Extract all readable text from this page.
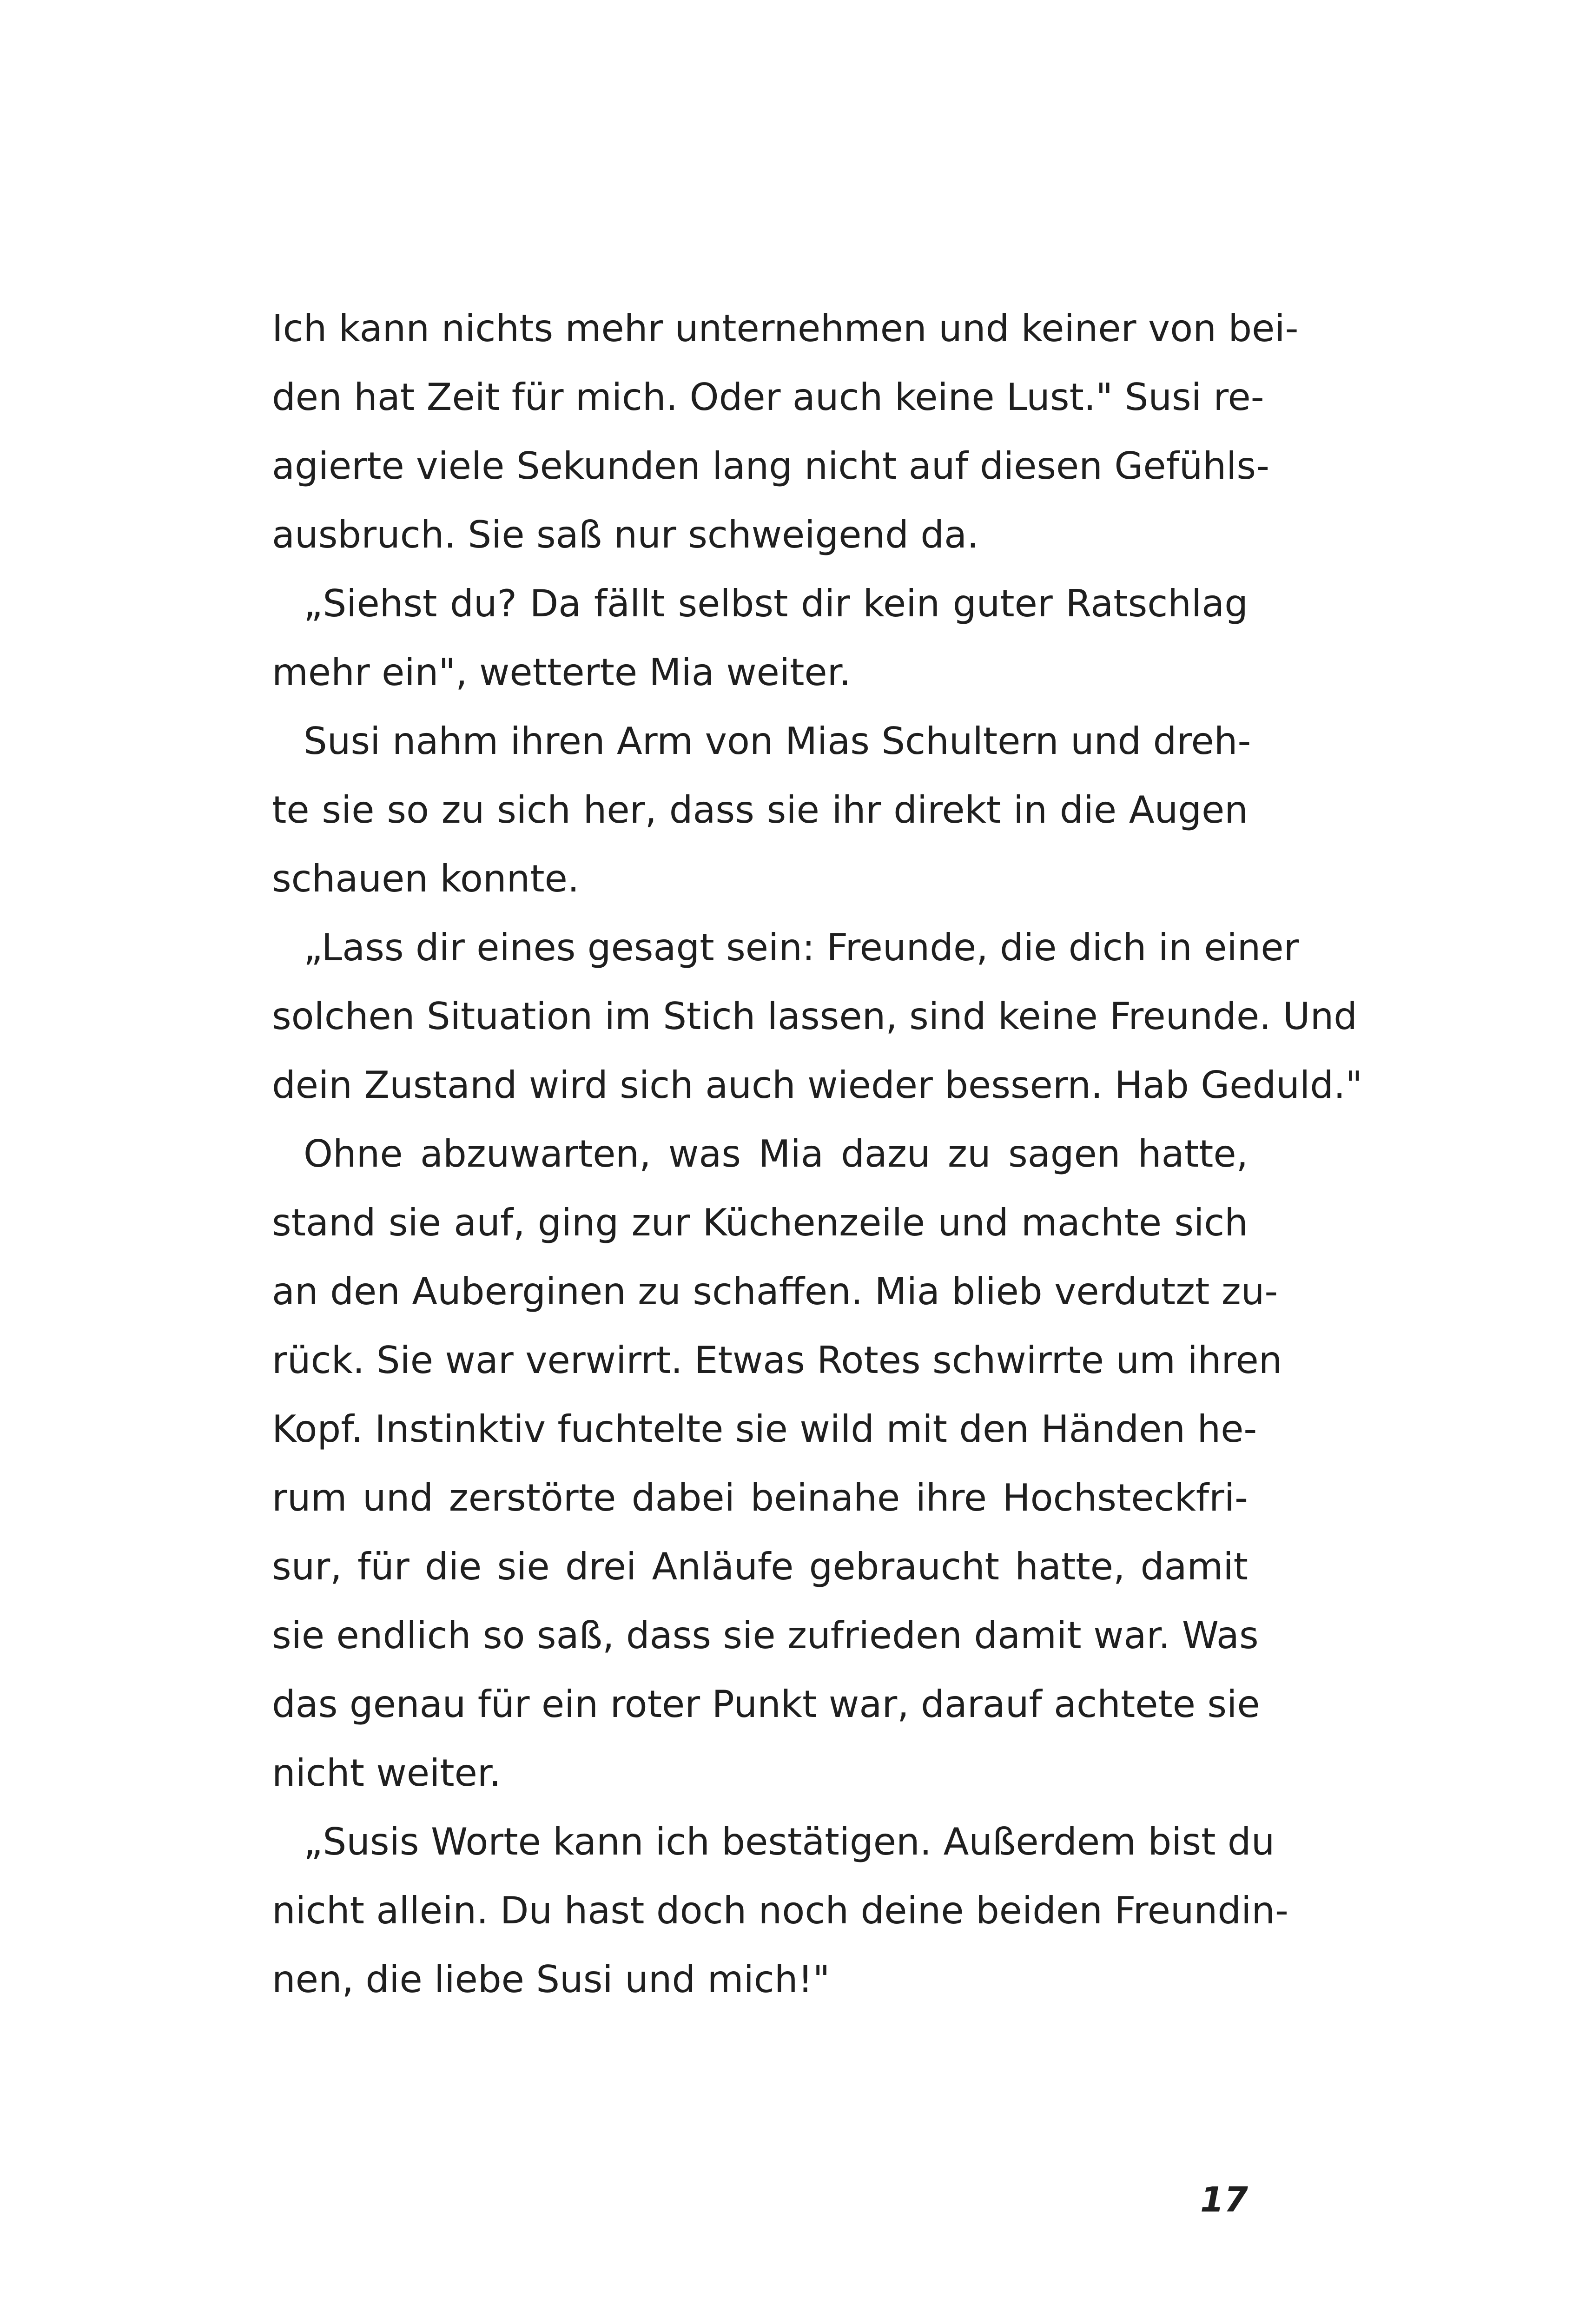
Ich kann nichts mehr unternehmen und keiner von bei-
den hat Zeit für mich. Oder auch keine Lust." Susi re-
agierte viele Sekunden lang nicht auf diesen Gefühls-
ausbruch. Sie saß nur schweigend da.
„Siehst du? Da fällt selbst dir kein guter Ratschlag
mehr ein", wetterte Mia weiter.
Susi nahm ihren Arm von Mias Schultern und dreh-
te sie so zu sich her, dass sie ihr direkt in die Augen
schauen konnte.
„Lass dir eines gesagt sein: Freunde, die dich in einer
solchen Situation im Stich lassen, sind keine Freunde. Und
dein Zustand wird sich auch wieder bessern. Hab Geduld."
Ohne abzuwarten, was Mia dazu zu sagen hatte,
stand sie auf, ging zur Küchenzeile und machte sich
an den Auberginen zu schaffen. Mia blieb verdutzt zu-
rück. Sie war verwirrt. Etwas Rotes schwirrte um ihren
Kopf. Instinktiv fuchtelte sie wild mit den Händen he-
rum und zerstörte dabei beinahe ihre Hochsteckfri-
sur, für die sie drei Anläufe gebraucht hatte, damit
sie endlich so saß, dass sie zufrieden damit war. Was
das genau für ein roter Punkt war, darauf achtete sie
nicht weiter.
„Susis Worte kann ich bestätigen. Außerdem bist du
nicht allein. Du hast doch noch deine beiden Freundin-
nen, die liebe Susi und mich!"
17
